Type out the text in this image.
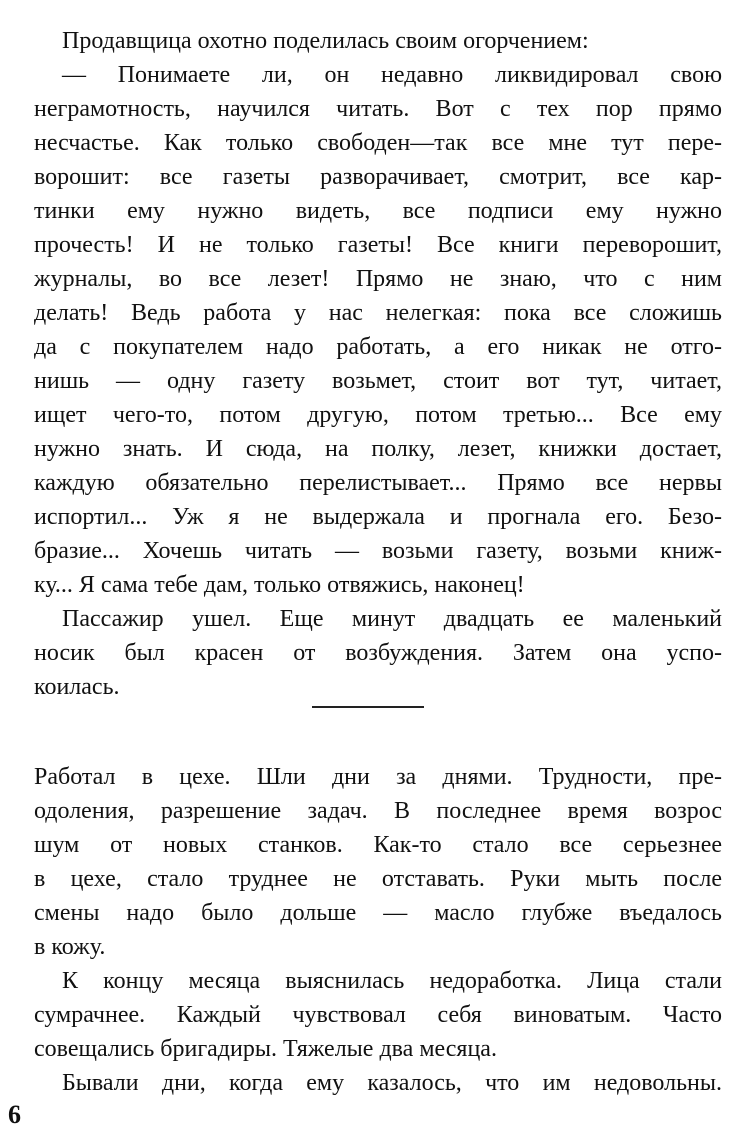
Продавщица охотно поделилась своим огорчением:
— Понимаете ли, он недавно ликвидировал свою
неграмотность, научился читать. Вот с тех пор прямо
несчастье. Как только свободен—так все мне тут пере-
ворошит: все газеты разворачивает, смотрит, все кар-
тинки ему нужно видеть, все подписи ему нужно
прочесть! И не только газеты! Все книги переворошит,
журналы, во все лезет! Прямо не знаю, что с ним
делать! Ведь работа у нас нелегкая: пока все сложишь
да с покупателем надо работать, а его никак не отго-
нишь — одну газету возьмет, стоит вот тут, читает,
ищет чего-то, потом другую, потом третью... Все ему
нужно знать. И сюда, на полку, лезет, книжки достает,
каждую обязательно перелистывает... Прямо все нервы
испортил... Уж я не выдержала и прогнала его. Безо-
бразие... Хочешь читать — возьми газету, возьми книж-
ку... Я сама тебе дам, только отвяжись, наконец!
Пассажир ушел. Еще минут двадцать ее маленький
носик был красен от возбуждения. Затем она успо-
коилась.
Работал в цехе. Шли дни за днями. Трудности, пре-
одоления, разрешение задач. В последнее время возрос
шум от новых станков. Как-то стало все серьезнее
в цехе, стало труднее не отставать. Руки мыть после
смены надо было дольше — масло глубже въедалось
в кожу.
К концу месяца выяснилась недоработка. Лица стали
сумрачнее. Каждый чувствовал себя виноватым. Часто
совещались бригадиры. Тяжелые два месяца.
Бывали дни, когда ему казалось, что им недовольны.
6
